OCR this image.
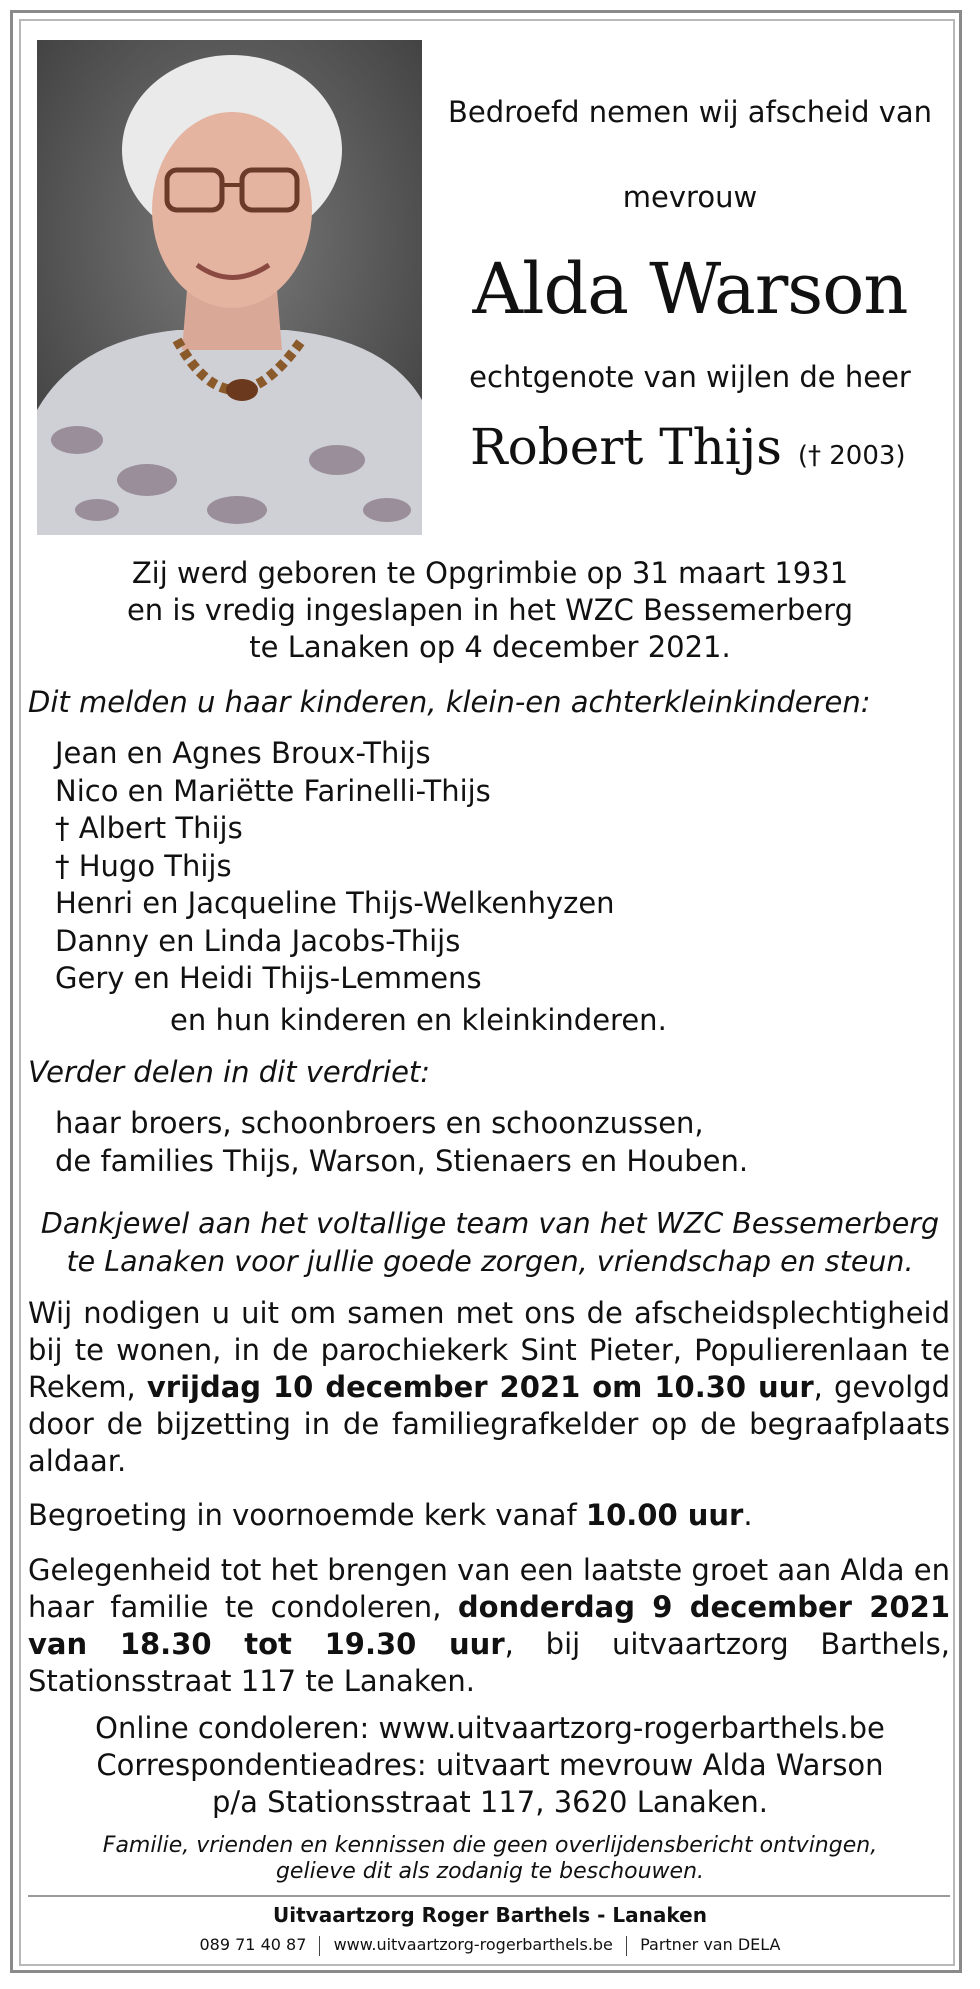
Bedroefd nemen wij afscheid van
mevrouw
Alda Warson
echtgenote van wijlen de heer
Robert Thijs († 2003)
Zij werd geboren te Opgrimbie op 31 maart 1931
en is vredig ingeslapen in het WZC Bessemerberg
te Lanaken op 4 december 2021.
Dit melden u haar kinderen, klein-en achterkleinkinderen:
Jean en Agnes Broux-Thijs
Nico en Mariëtte Farinelli-Thijs
† Albert Thijs
† Hugo Thijs
Henri en Jacqueline Thijs-Welkenhyzen
Danny en Linda Jacobs-Thijs
Gery en Heidi Thijs-Lemmens
en hun kinderen en kleinkinderen.
Verder delen in dit verdriet:
haar broers, schoonbroers en schoonzussen,
de families Thijs, Warson, Stienaers en Houben.
Dankjewel aan het voltallige team van het WZC Bessemerberg
te Lanaken voor jullie goede zorgen, vriendschap en steun.
Wij nodigen u uit om samen met ons de afscheidsplechtigheid bij te wonen, in de parochiekerk Sint Pieter, Populierenlaan te Rekem, vrijdag 10 december 2021 om 10.30 uur, gevolgd door de bijzetting in de familiegrafkelder op de begraafplaats aldaar.
Begroeting in voornoemde kerk vanaf 10.00 uur.
Gelegenheid tot het brengen van een laatste groet aan Alda en haar familie te condoleren, donderdag 9 december 2021 van 18.30 tot 19.30 uur, bij uitvaartzorg Barthels, Stationsstraat 117 te Lanaken.
Online condoleren: www.uitvaartzorg-rogerbarthels.be
Correspondentieadres: uitvaart mevrouw Alda Warson
p/a Stationsstraat 117, 3620 Lanaken.
Familie, vrienden en kennissen die geen overlijdensbericht ontvingen,
gelieve dit als zodanig te beschouwen.
Uitvaartzorg Roger Barthels - Lanaken
089 71 40 87 www.uitvaartzorg-rogerbarthels.be Partner van DELA
